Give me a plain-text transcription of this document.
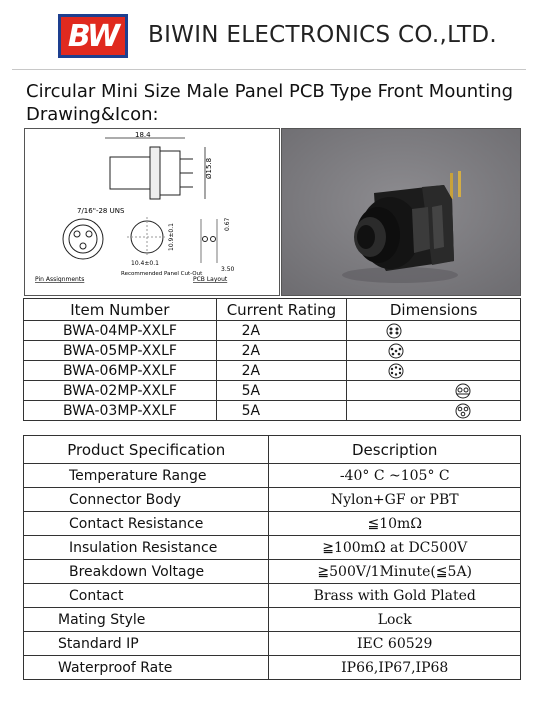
BW BIWIN ELECTRONICS CO.,LTD.
Circular Mini Size Male Panel PCB Type Front Mounting
Drawing&Icon:
18.4
Ø15.8
7/16"-28 UNS
Pin Assignments
10.4±0.1
10.9±0.1
Recommended Panel Cut-Out
0.67
3.50
PCB Layout
Item Number	Current Rating	Dimensions
BWA-04MP-XXLF	2A	

BWA-05MP-XXLF	2A	

BWA-06MP-XXLF	2A	

BWA-02MP-XXLF	5A	

BWA-03MP-XXLF	5A	
Product Specification	Description
Temperature Range	-40° C ~105° C
Connector Body	Nylon+GF or PBT
Contact Resistance	≦10mΩ
Insulation Resistance	≧100mΩ at DC500V
Breakdown Voltage	≧500V/1Minute(≦5A)
Contact	Brass with Gold Plated
Mating Style	Lock
Standard IP	IEC 60529
Waterproof Rate	IP66,IP67,IP68
